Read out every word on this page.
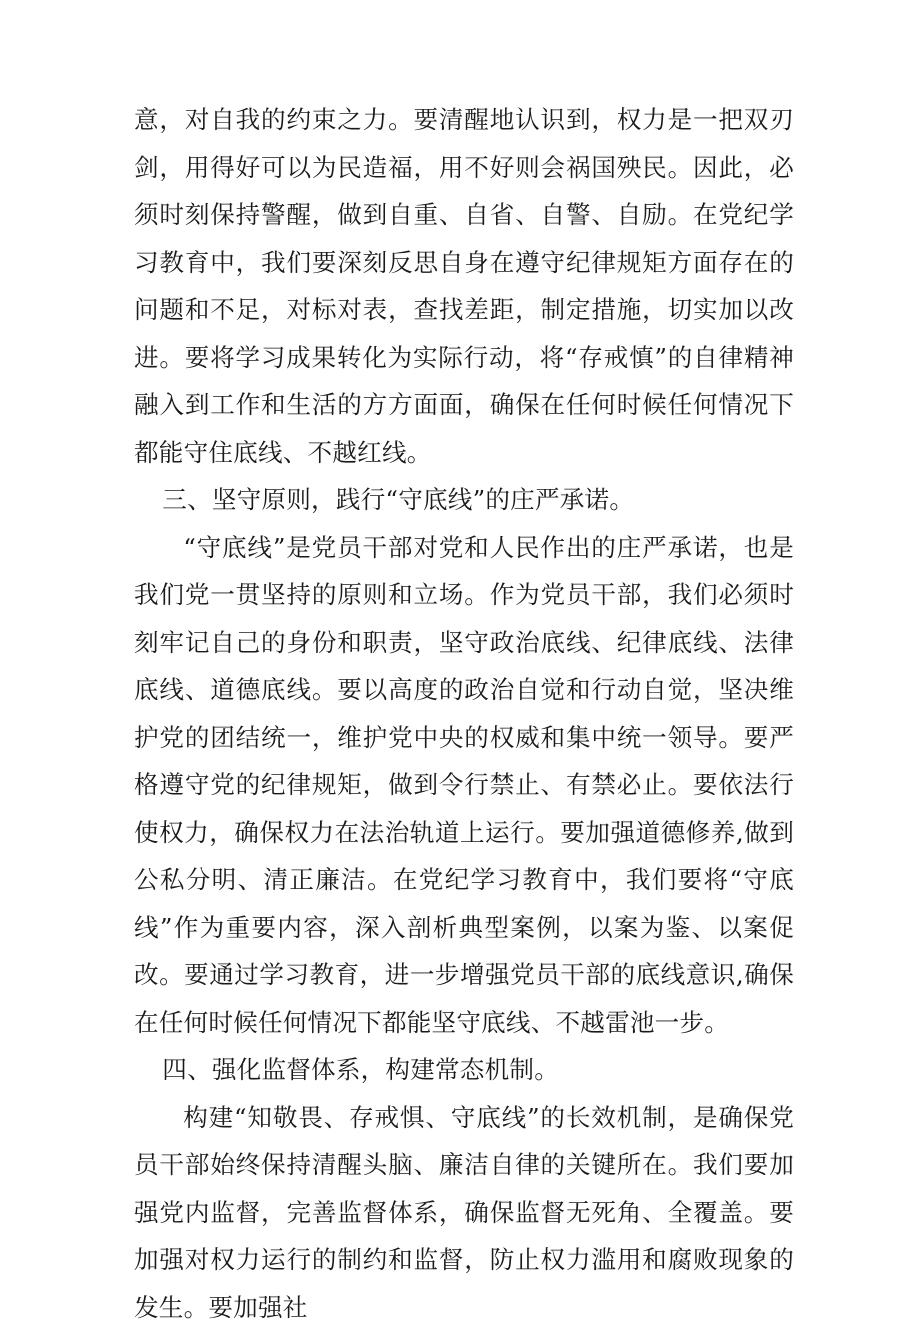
意，对自我的约束之力。要清醒地认识到，权力是一把双刃剑，用得好可以为民造福，用不好则会祸国殃民。因此，必须时刻保持警醒，做到自重、自省、自警、自励。在党纪学习教育中，我们要深刻反思自身在遵守纪律规矩方面存在的问题和不足，对标对表，查找差距，制定措施，切实加以改进。要将学习成果转化为实际行动，将“存戒慎”的自律精神融入到工作和生活的方方面面，确保在任何时候任何情况下都能守住底线、不越红线。

三、坚守原则，践行“守底线”的庄严承诺。

“守底线”是党员干部对党和人民作出的庄严承诺，也是我们党一贯坚持的原则和立场。作为党员干部，我们必须时刻牢记自己的身份和职责，坚守政治底线、纪律底线、法律底线、道德底线。要以高度的政治自觉和行动自觉，坚决维护党的团结统一，维护党中央的权威和集中统一领导。要严格遵守党的纪律规矩，做到令行禁止、有禁必止。要依法行使权力，确保权力在法治轨道上运行。要加强道德修养,做到公私分明、清正廉洁。在党纪学习教育中，我们要将“守底线”作为重要内容，深入剖析典型案例，以案为鉴、以案促改。要通过学习教育，进一步增强党员干部的底线意识,确保在任何时候任何情况下都能坚守底线、不越雷池一步。

四、强化监督体系，构建常态机制。

构建“知敬畏、存戒惧、守底线”的长效机制，是确保党员干部始终保持清醒头脑、廉洁自律的关键所在。我们要加强党内监督，完善监督体系，确保监督无死角、全覆盖。要加强对权力运行的制约和监督，防止权力滥用和腐败现象的发生。要加强社
